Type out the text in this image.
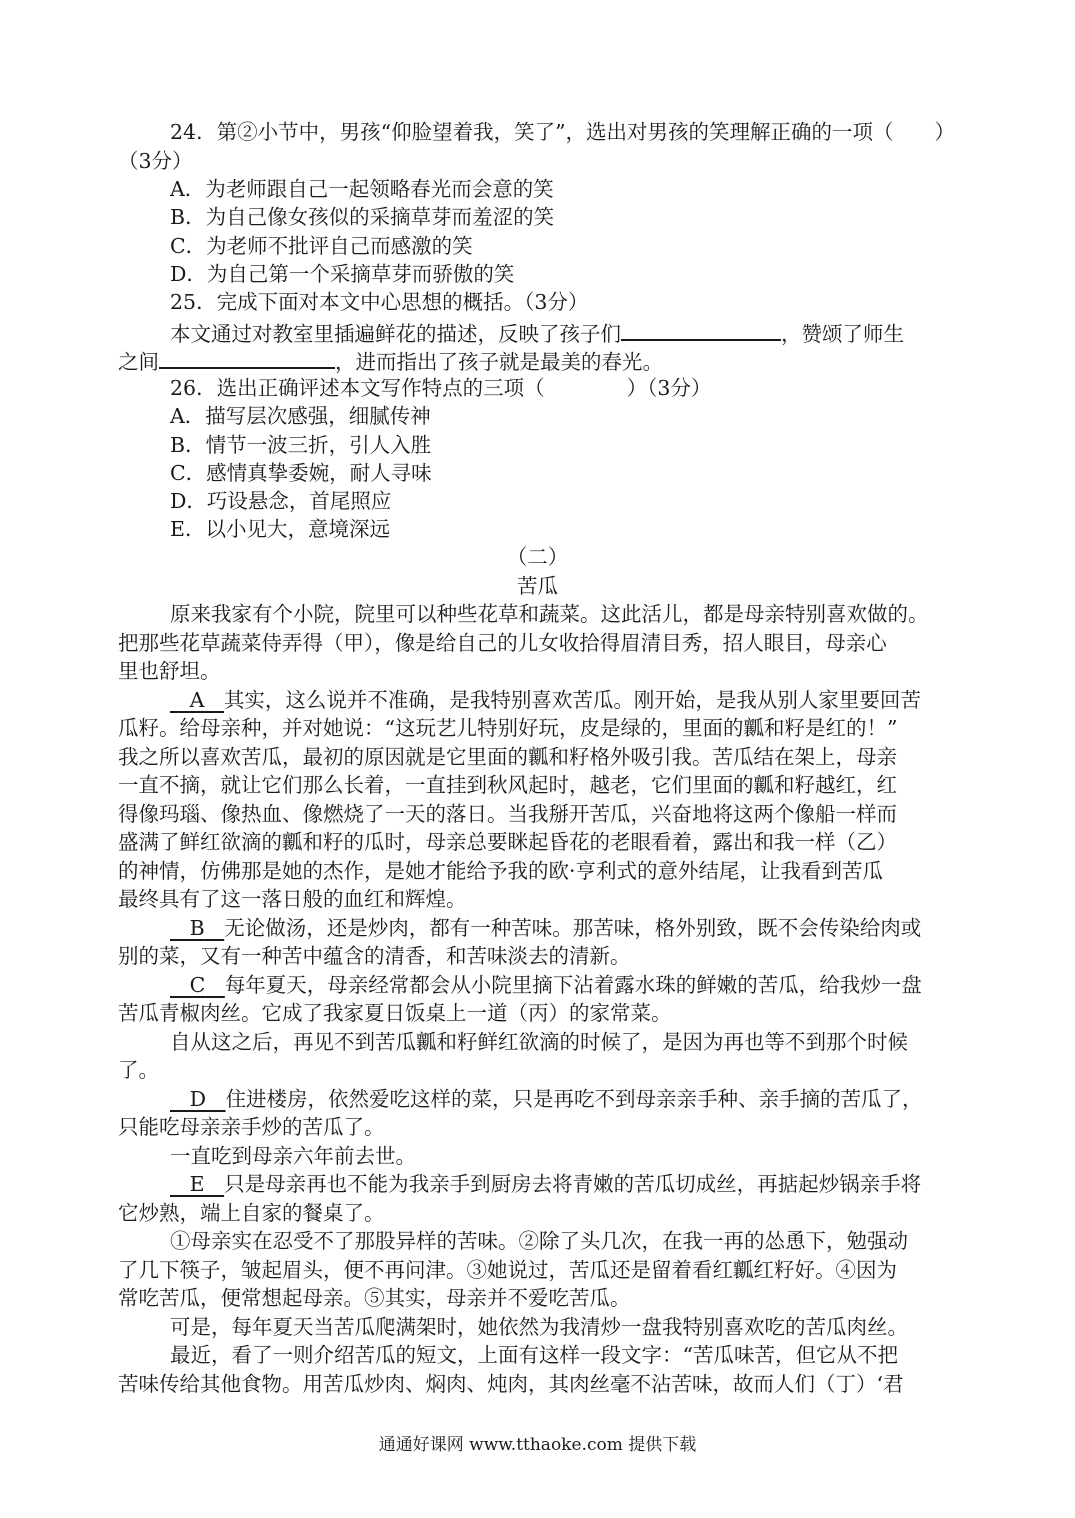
24．第②小节中，男孩“仰脸望着我，笑了”，选出对男孩的笑理解正确的一项（　　）
（3分）
A．为老师跟自己一起领略春光而会意的笑
B．为自己像女孩似的采摘草芽而羞涩的笑
C．为老师不批评自己而感激的笑
D．为自己第一个采摘草芽而骄傲的笑
25．完成下面对本文中心思想的概括。（3分）
本文通过对教室里插遍鲜花的描述，反映了孩子们	，赞颂了师生
之间	，进而指出了孩子就是最美的春光。
26．选出正确评述本文写作特点的三项（　　　　）（3分）
A．描写层次感强，细腻传神
B．情节一波三折，引人入胜
C．感情真挚委婉，耐人寻味
D．巧设悬念，首尾照应
E．以小见大，意境深远
（二）
苦瓜
原来我家有个小院，院里可以种些花草和蔬菜。这此活儿，都是母亲特别喜欢做的。
把那些花草蔬菜侍弄得（甲），像是给自己的儿女收拾得眉清目秀，招人眼目，母亲心
里也舒坦。
A 其实，这么说并不准确，是我特别喜欢苦瓜。刚开始，是我从别人家里要回苦
瓜籽。给母亲种，并对她说：“这玩艺儿特别好玩，皮是绿的，里面的瓤和籽是红的！”
我之所以喜欢苦瓜，最初的原因就是它里面的瓤和籽格外吸引我。苦瓜结在架上，母亲
一直不摘，就让它们那么长着，一直挂到秋风起时，越老，它们里面的瓤和籽越红，红
得像玛瑙、像热血、像燃烧了一天的落日。当我掰开苦瓜，兴奋地将这两个像船一样而
盛满了鲜红欲滴的瓤和籽的瓜时，母亲总要眯起昏花的老眼看着，露出和我一样（乙）
的神情，仿佛那是她的杰作，是她才能给予我的欧·亨利式的意外结尾，让我看到苦瓜
最终具有了这一落日般的血红和辉煌。
B 无论做汤，还是炒肉，都有一种苦味。那苦味，格外别致，既不会传染给肉或
别的菜，又有一种苦中蕴含的清香，和苦味淡去的清新。
C 每年夏天，母亲经常都会从小院里摘下沾着露水珠的鲜嫩的苦瓜，给我炒一盘
苦瓜青椒肉丝。它成了我家夏日饭桌上一道（丙）的家常菜。
自从这之后，再见不到苦瓜瓤和籽鲜红欲滴的时候了，是因为再也等不到那个时候
了。
D 住进楼房，依然爱吃这样的菜，只是再吃不到母亲亲手种、亲手摘的苦瓜了，
只能吃母亲亲手炒的苦瓜了。
一直吃到母亲六年前去世。
E 只是母亲再也不能为我亲手到厨房去将青嫩的苦瓜切成丝，再掂起炒锅亲手将
它炒熟，端上自家的餐桌了。
①母亲实在忍受不了那股异样的苦味。②除了头几次，在我一再的怂恿下，勉强动
了几下筷子，皱起眉头，便不再问津。③她说过，苦瓜还是留着看红瓤红籽好。④因为
常吃苦瓜，便常想起母亲。⑤其实，母亲并不爱吃苦瓜。
可是，每年夏天当苦瓜爬满架时，她依然为我清炒一盘我特别喜欢吃的苦瓜肉丝。
最近，看了一则介绍苦瓜的短文，上面有这样一段文字：“苦瓜味苦，但它从不把
苦味传给其他食物。用苦瓜炒肉、焖肉、炖肉，其肉丝毫不沾苦味，故而人们（丁）‘君
通通好课网 www.tthaoke.com 提供下载
